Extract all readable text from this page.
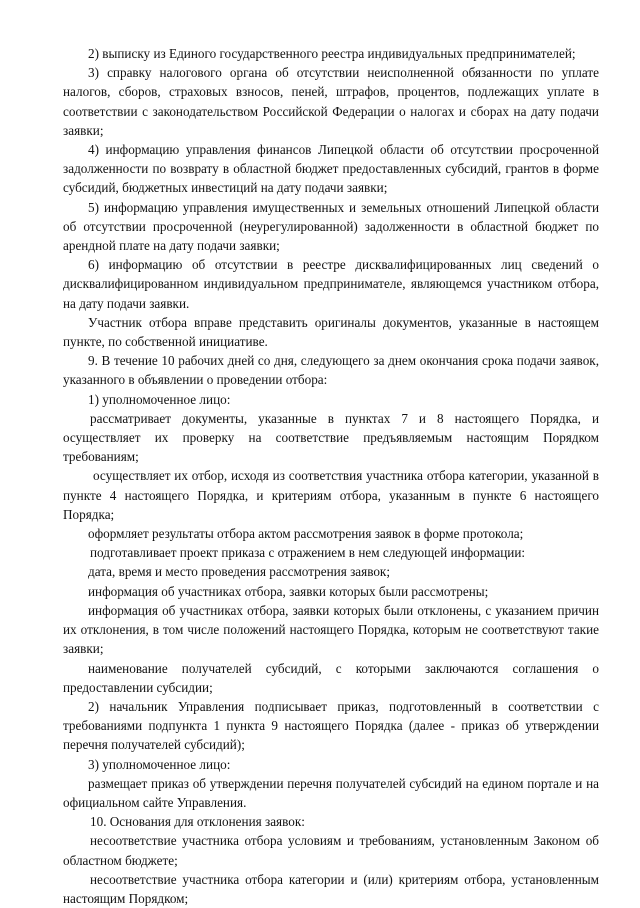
2) выписку из Единого государственного реестра индивидуальных предпринимателей;

3) справку налогового органа об отсутствии неисполненной обязанности по уплате налогов, сборов, страховых взносов, пеней, штрафов, процентов, подлежащих уплате в соответствии с законодательством Российской Федерации о налогах и сборах на дату подачи заявки;

4) информацию управления финансов Липецкой области об отсутствии просроченной задолженности по возврату в областной бюджет предоставленных субсидий, грантов в форме субсидий, бюджетных инвестиций на дату подачи заявки;

5) информацию управления имущественных и земельных отношений Липецкой области об отсутствии просроченной (неурегулированной) задолженности в областной бюджет по арендной плате на дату подачи заявки;

6) информацию об отсутствии в реестре дисквалифицированных лиц сведений о дисквалифицированном индивидуальном предпринимателе, являющемся участником отбора, на дату подачи заявки.

Участник отбора вправе представить оригиналы документов, указанные в настоящем пункте, по собственной инициативе.

9. В течение 10 рабочих дней со дня, следующего за днем окончания срока подачи заявок, указанного в объявлении о проведении отбора:

1) уполномоченное лицо:

рассматривает документы, указанные в пунктах 7 и 8 настоящего Порядка, и осуществляет их проверку на соответствие предъявляемым настоящим Порядком требованиям;

осуществляет их отбор, исходя из соответствия участника отбора категории, указанной в пункте 4 настоящего Порядка, и критериям отбора, указанным в пункте 6 настоящего Порядка;

оформляет результаты отбора актом рассмотрения заявок в форме протокола;

подготавливает проект приказа с отражением в нем следующей информации:

дата, время и место проведения рассмотрения заявок;

информация об участниках отбора, заявки которых были рассмотрены;

информация об участниках отбора, заявки которых были отклонены, с указанием причин их отклонения, в том числе положений настоящего Порядка, которым не соответствуют такие заявки;

наименование получателей субсидий, с которыми заключаются соглашения о предоставлении субсидии;

2) начальник Управления подписывает приказ, подготовленный в соответствии с требованиями подпункта 1 пункта 9 настоящего Порядка (далее - приказ об утверждении перечня получателей субсидий);

3) уполномоченное лицо:

размещает приказ об утверждении перечня получателей субсидий на едином портале и на официальном сайте Управления.

10. Основания для отклонения заявок:

несоответствие участника отбора условиям и требованиям, установленным Законом об областном бюджете;

несоответствие участника отбора категории и (или) критериям отбора, установленным настоящим Порядком;
